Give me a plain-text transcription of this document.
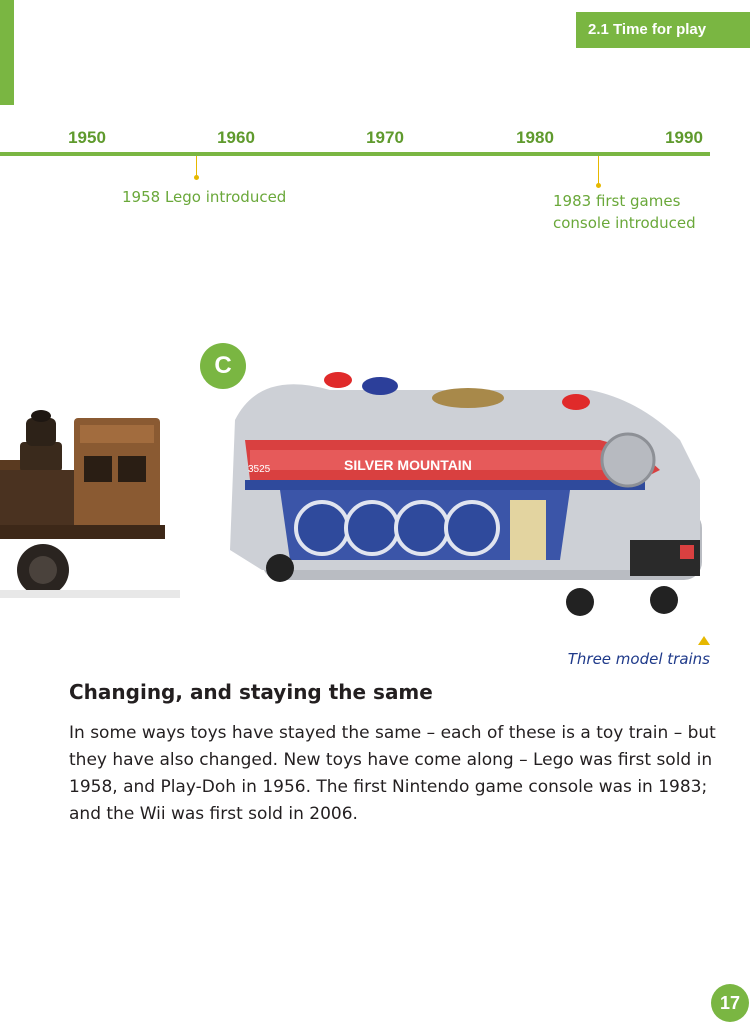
2.1 Time for play
1950	1960	1970	1980	1990
1958 Lego introduced	1983 first games
console introduced
SILVER MOUNTAIN
3525
C
Three model trains
Changing, and staying the same

In some ways toys have stayed the same – each of these is a toy train – but they have also changed. New toys have come along – Lego was first sold in 1958, and Play-Doh in 1956. The first Nintendo game console was in 1983; and the Wii was first sold in 2006.

17
